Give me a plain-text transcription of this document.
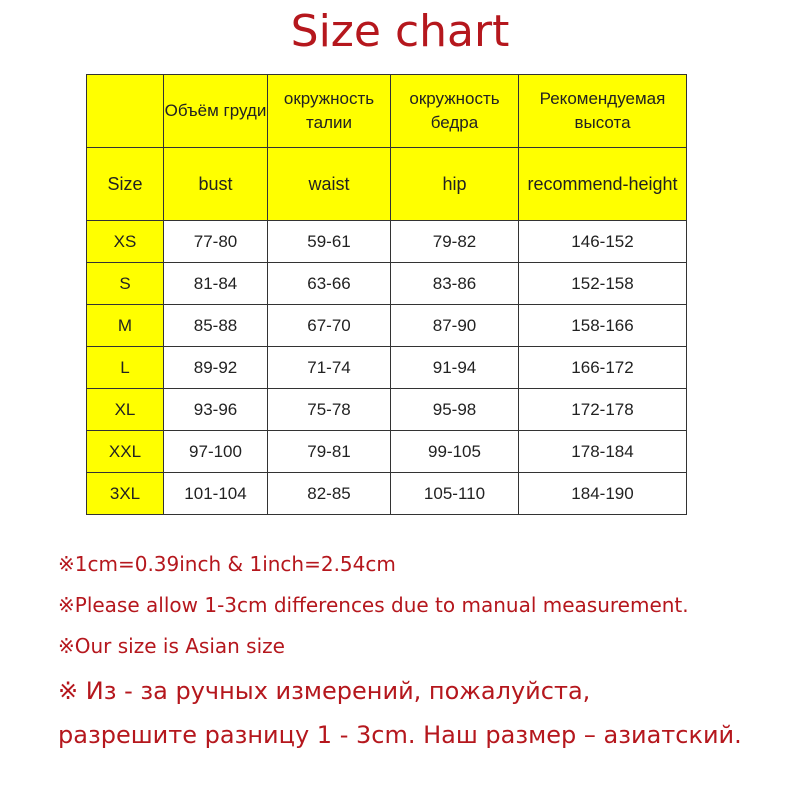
Size chart
	Объём груди	окружность талии	окружность бедра	Рекомендуемая высота
Size	bust	waist	hip	recommend-height
XS	77-80	59-61	79-82	146-152
S	81-84	63-66	83-86	152-158
M	85-88	67-70	87-90	158-166
L	89-92	71-74	91-94	166-172
XL	93-96	75-78	95-98	172-178
XXL	97-100	79-81	99-105	178-184
3XL	101-104	82-85	105-110	184-190
※1cm=0.39inch & 1inch=2.54cm
※Please allow 1-3cm differences due to manual measurement.
※Our size is Asian size
※ Из - за ручных измерений, пожалуйста,
разрешите разницу 1 - 3cm. Наш размер – азиатский.
